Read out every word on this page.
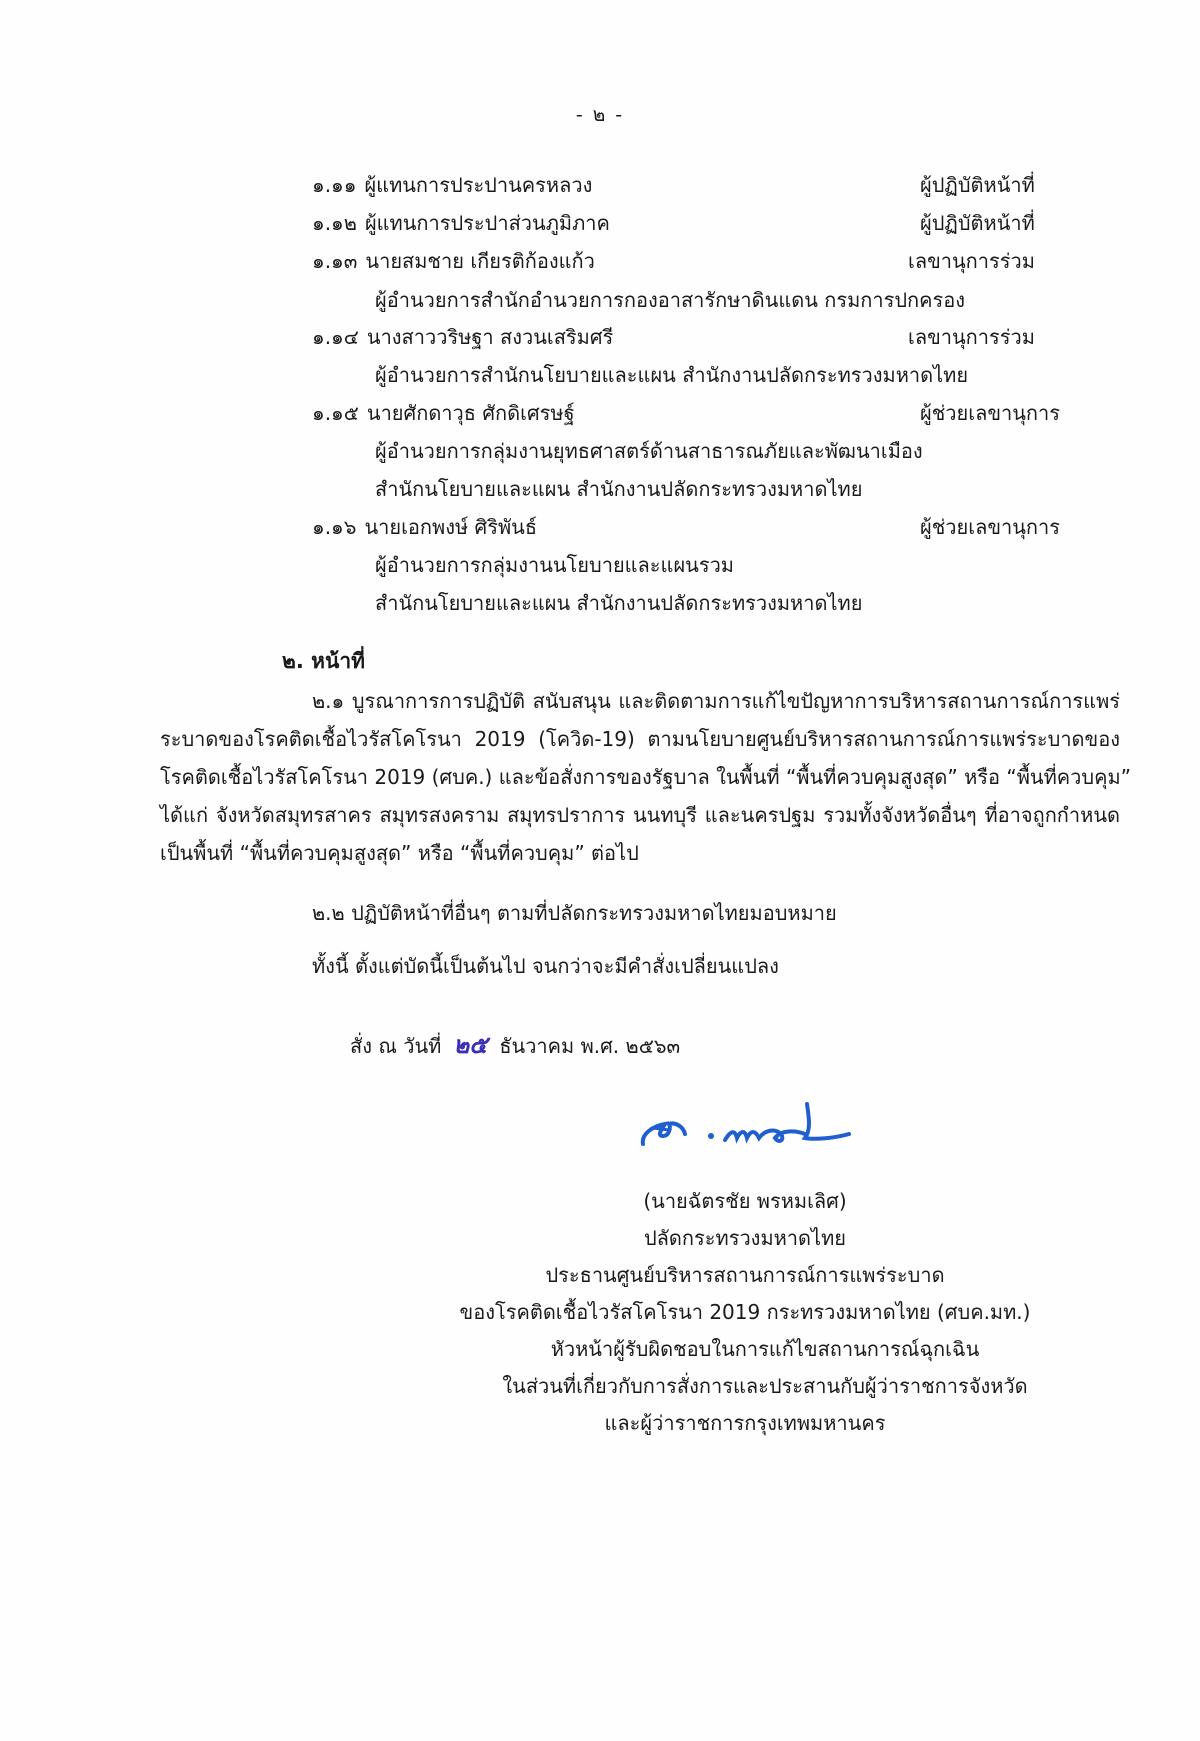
- ๒ -
๑.๑๑ ผู้แทนการประปานครหลวง	ผู้ปฏิบัติหน้าที่
๑.๑๒ ผู้แทนการประปาส่วนภูมิภาค	ผู้ปฏิบัติหน้าที่
๑.๑๓ นายสมชาย เกียรติก้องแก้ว	เลขานุการร่วม
ผู้อำนวยการสำนักอำนวยการกองอาสารักษาดินแดน กรมการปกครอง
๑.๑๔ นางสาววริษฐา สงวนเสริมศรี	เลขานุการร่วม
ผู้อำนวยการสำนักนโยบายและแผน สำนักงานปลัดกระทรวงมหาดไทย
๑.๑๕ นายศักดาวุธ ศักดิเศรษฐ์	ผู้ช่วยเลขานุการ
ผู้อำนวยการกลุ่มงานยุทธศาสตร์ด้านสาธารณภัยและพัฒนาเมือง
สำนักนโยบายและแผน สำนักงานปลัดกระทรวงมหาดไทย
๑.๑๖ นายเอกพงษ์ ศิริพันธ์	ผู้ช่วยเลขานุการ
ผู้อำนวยการกลุ่มงานนโยบายและแผนรวม
สำนักนโยบายและแผน สำนักงานปลัดกระทรวงมหาดไทย
๒. หน้าที่
๒.๑ บูรณาการการปฏิบัติ สนับสนุน และติดตามการแก้ไขปัญหาการบริหารสถานการณ์การแพร่
ระบาดของโรคติดเชื้อไวรัสโคโรนา 2019 (โควิด-19) ตามนโยบายศูนย์บริหารสถานการณ์การแพร่ระบาดของ
โรคติดเชื้อไวรัสโคโรนา 2019 (ศบค.) และข้อสั่งการของรัฐบาล ในพื้นที่ “พื้นที่ควบคุมสูงสุด” หรือ “พื้นที่ควบคุม”
ได้แก่ จังหวัดสมุทรสาคร สมุทรสงคราม สมุทรปราการ นนทบุรี และนครปฐม รวมทั้งจังหวัดอื่นๆ ที่อาจถูกกำหนด
เป็นพื้นที่ “พื้นที่ควบคุมสูงสุด” หรือ “พื้นที่ควบคุม” ต่อไป
๒.๒ ปฏิบัติหน้าที่อื่นๆ ตามที่ปลัดกระทรวงมหาดไทยมอบหมาย
ทั้งนี้ ตั้งแต่บัดนี้เป็นต้นไป จนกว่าจะมีคำสั่งเปลี่ยนแปลง
สั่ง ณ วันที่ ๒๕ ธันวาคม พ.ศ. ๒๕๖๓
(นายฉัตรชัย พรหมเลิศ)
ปลัดกระทรวงมหาดไทย
ประธานศูนย์บริหารสถานการณ์การแพร่ระบาด
ของโรคติดเชื้อไวรัสโคโรนา 2019 กระทรวงมหาดไทย (ศบค.มท.)
หัวหน้าผู้รับผิดชอบในการแก้ไขสถานการณ์ฉุกเฉิน
ในส่วนที่เกี่ยวกับการสั่งการและประสานกับผู้ว่าราชการจังหวัด
และผู้ว่าราชการกรุงเทพมหานคร
